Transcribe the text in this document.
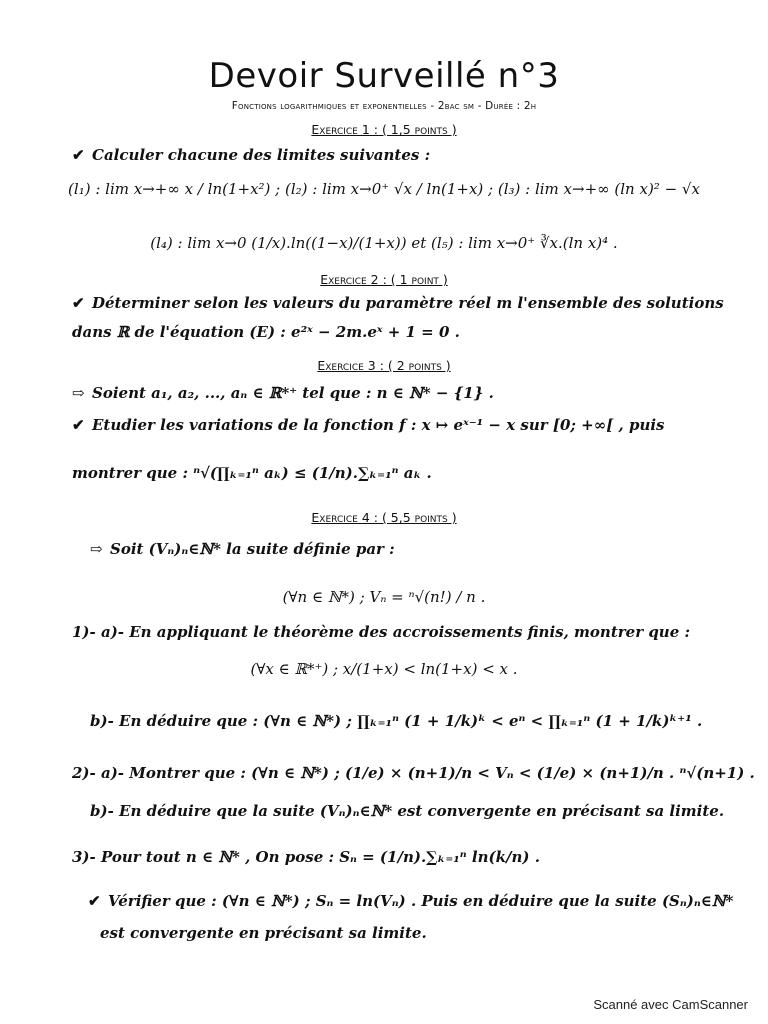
Devoir Surveillé n°3
Fonctions logarithmiques et exponentielles - 2bac sm - Durée : 2h
Exercice 1 : ( 1,5 points )
✔ Calculer chacune des limites suivantes :
(l₁) : lim x→+∞ x / ln(1+x²) ; (l₂) : lim x→0⁺ √x / ln(1+x) ; (l₃) : lim x→+∞ (ln x)² − √x
(l₄) : lim x→0 (1/x).ln((1−x)/(1+x)) et (l₅) : lim x→0⁺ ∛x.(ln x)⁴ .
Exercice 2 : ( 1 point )
✔ Déterminer selon les valeurs du paramètre réel m l'ensemble des solutions
dans ℝ de l'équation (E) : e²ˣ − 2m.eˣ + 1 = 0 .
Exercice 3 : ( 2 points )
⇨ Soient a₁, a₂, ..., aₙ ∈ ℝ*⁺ tel que : n ∈ ℕ* − {1} .
✔ Etudier les variations de la fonction f : x ↦ eˣ⁻¹ − x sur [0; +∞[ , puis
montrer que : ⁿ√(∏ₖ₌₁ⁿ aₖ) ≤ (1/n).∑ₖ₌₁ⁿ aₖ .
Exercice 4 : ( 5,5 points )
⇨ Soit (Vₙ)ₙ∈ℕ* la suite définie par :
(∀n ∈ ℕ*) ; Vₙ = ⁿ√(n!) / n .
1)- a)- En appliquant le théorème des accroissements finis, montrer que :
(∀x ∈ ℝ*⁺) ; x/(1+x) < ln(1+x) < x .
b)- En déduire que : (∀n ∈ ℕ*) ; ∏ₖ₌₁ⁿ (1 + 1/k)ᵏ < eⁿ < ∏ₖ₌₁ⁿ (1 + 1/k)ᵏ⁺¹ .
2)- a)- Montrer que : (∀n ∈ ℕ*) ; (1/e) × (n+1)/n < Vₙ < (1/e) × (n+1)/n . ⁿ√(n+1) .
b)- En déduire que la suite (Vₙ)ₙ∈ℕ* est convergente en précisant sa limite.
3)- Pour tout n ∈ ℕ* , On pose : Sₙ = (1/n).∑ₖ₌₁ⁿ ln(k/n) .
✔ Vérifier que : (∀n ∈ ℕ*) ; Sₙ = ln(Vₙ) . Puis en déduire que la suite (Sₙ)ₙ∈ℕ*
est convergente en précisant sa limite.
Scanné avec CamScanner
